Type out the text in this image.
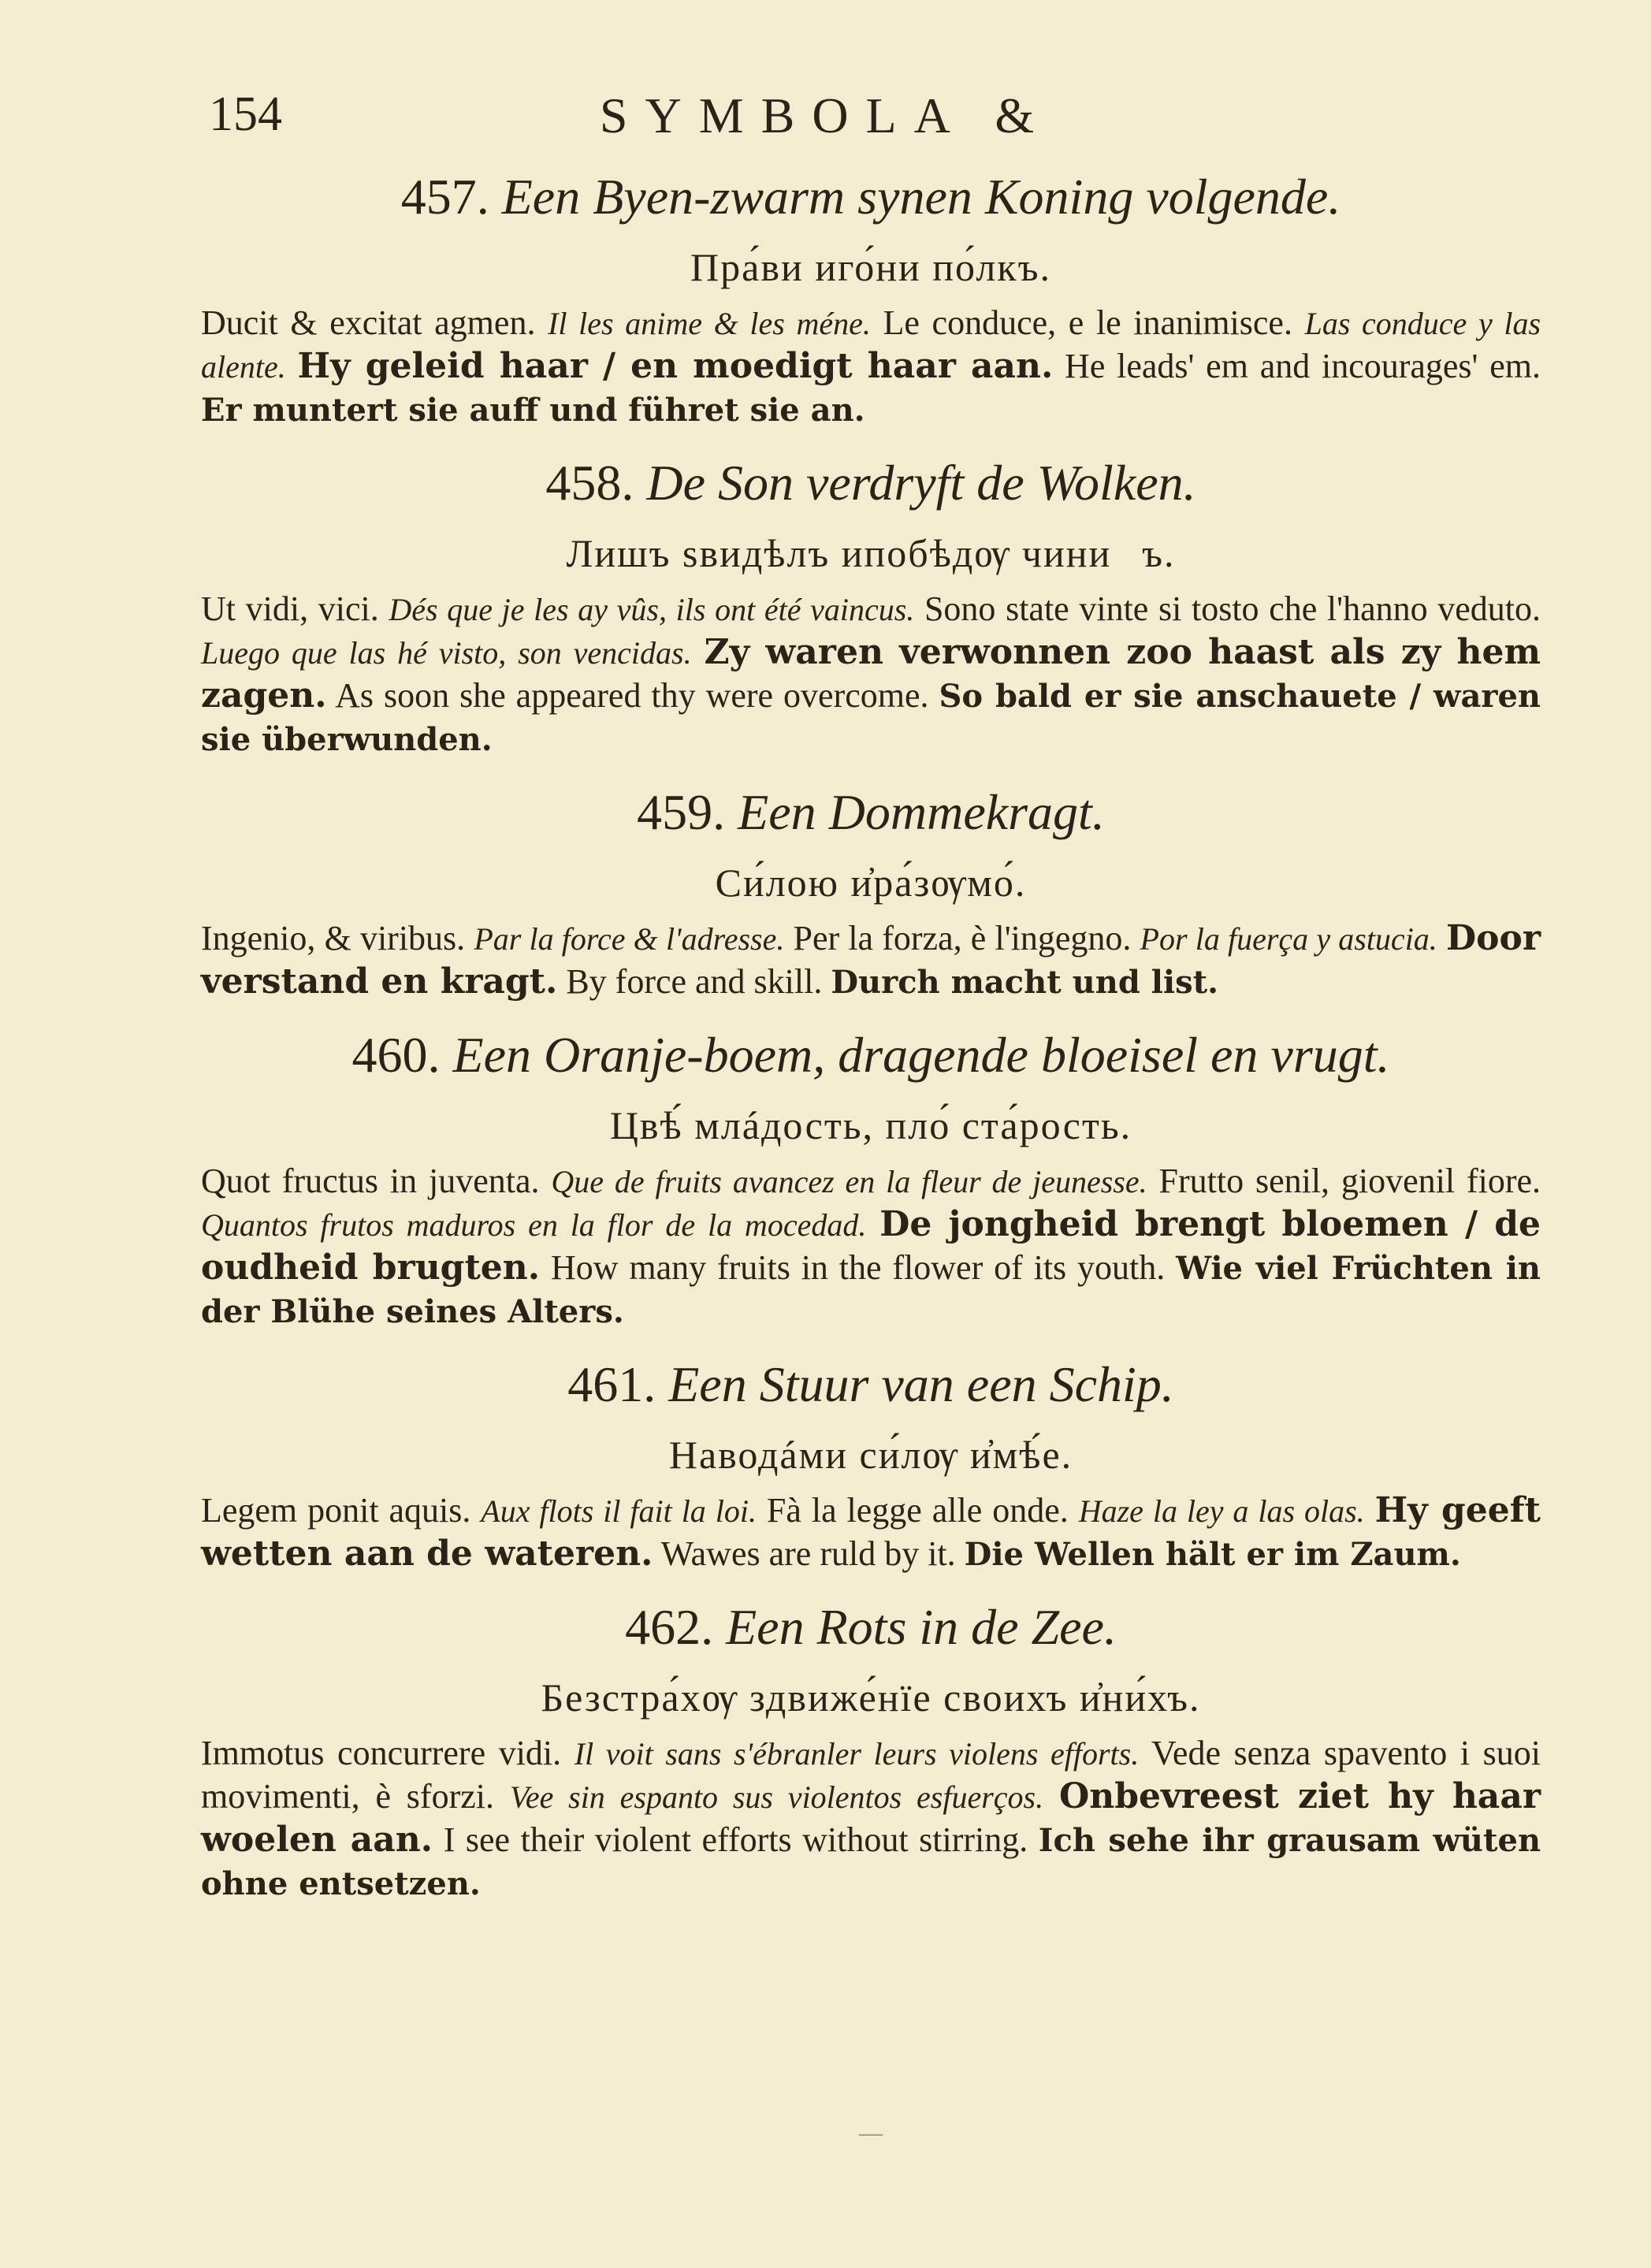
154	SYMBOLA &
457. Een Byen-zwarm synen Koning volgende.
Пра́ви иго́ни по́лкъ.
Ducit & excitat agmen. Il les anime & les méne. Le conduce, e le inanimisce. Las conduce y las alente. Hy geleid haar / en moedigt haar aan. He leads' em and incourages' em. Er muntert sie auff und führet sie an.
458. De Son verdryft de Wolken.
Лишъ ѕвидѣлъ ипобѣдѹ чиниⷧъ.
Ut vidi, vici. Dés que je les ay vûs, ils ont été vaincus. Sono state vinte si tosto che l'hanno veduto. Luego que las hé visto, son vencidas. Zy waren verwonnen zoo haast als zy hem zagen. As soon she appeared thy were overcome. So bald er sie anschauete / waren sie überwunden.
459. Een Dommekragt.
Си́лою и҆ра́зѹмо́.
Ingenio, & viribus. Par la force & l'adresse. Per la forza, è l'ingegno. Por la fuerça y astucia. Door verstand en kragt. By force and skill. Durch macht und list.
460. Een Oranje-boem, dragende bloeisel en vrugt.
Цвѣ́ млáдость, пло́ ста́рость.
Quot fructus in juventa. Que de fruits avancez en la fleur de jeunesse. Frutto senil, giovenil fiore. Quantos frutos maduros en la flor de la mocedad. De jongheid brengt bloemen / de oudheid brugten. How many fruits in the flower of its youth. Wie viel Früchten in der Blühe seines Alters.
461. Een Stuur van een Schip.
Наводáми си́лѹ и҆мѣ́е.
Legem ponit aquis. Aux flots il fait la loi. Fà la legge alle onde. Haze la ley a las olas. Hy geeft wetten aan de wateren. Wawes are ruld by it. Die Wellen hält er im Zaum.
462. Een Rots in de Zee.
Безстра́хѹ здвиже́нїе своихъ и҆ни́хъ.
Immotus concurrere vidi. Il voit sans s'ébranler leurs violens efforts. Vede senza spavento i suoi movimenti, è sforzi. Vee sin espanto sus violentos esfuerços. Onbevreest ziet hy haar woelen aan. I see their violent efforts without stirring. Ich sehe ihr grausam wüten ohne entsetzen.
—
